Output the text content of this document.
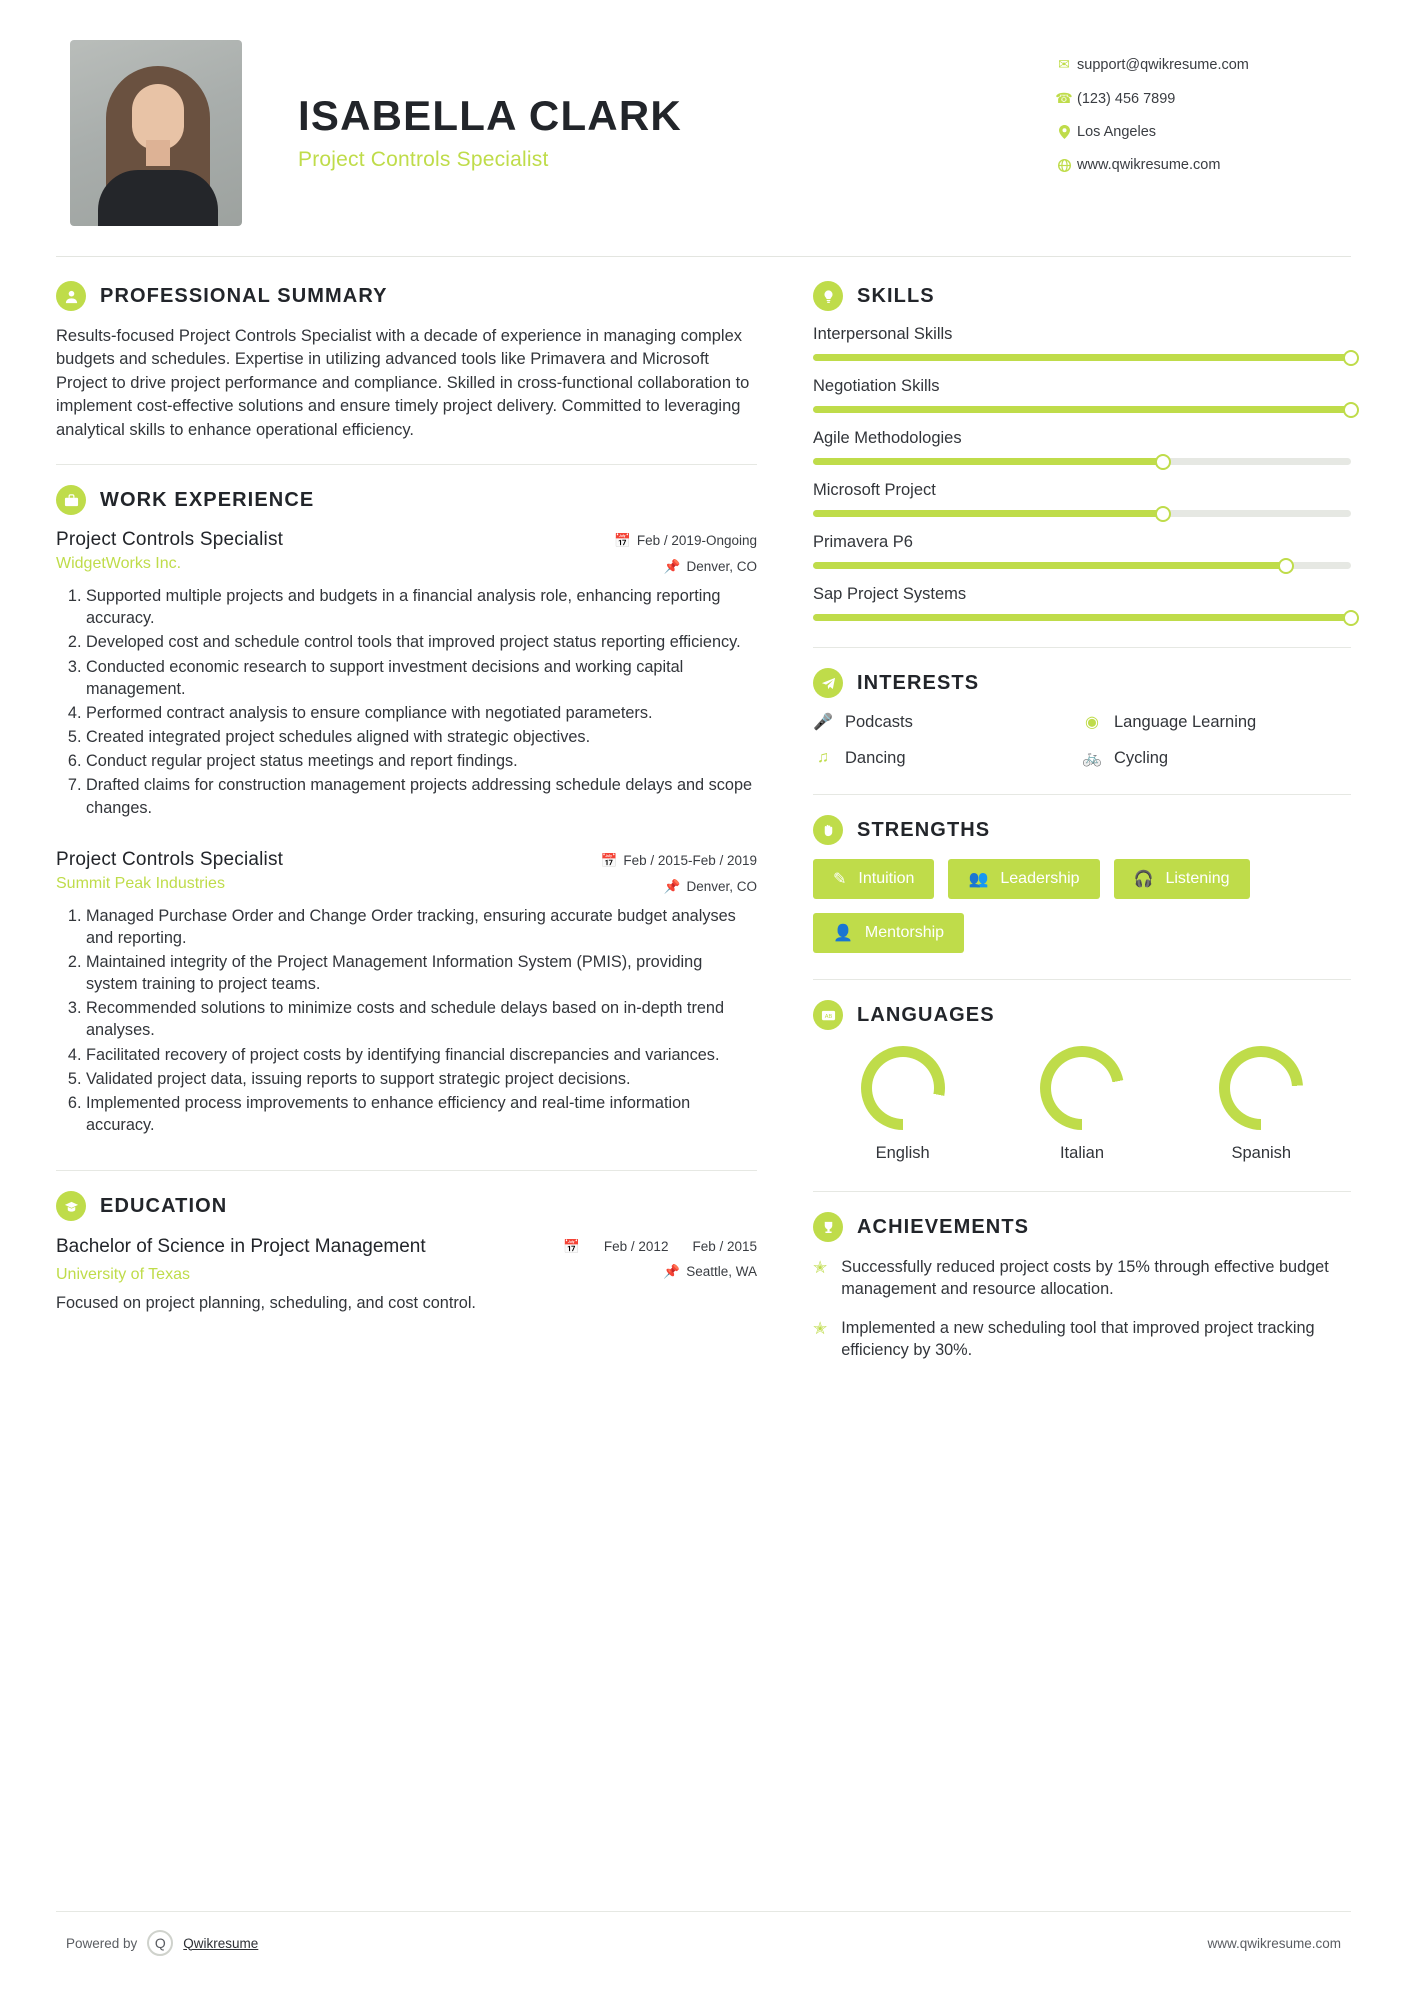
ISABELLA CLARK
Project Controls Specialist
✉ support@qwikresume.com
☎ (123) 456 7899
Los Angeles
www.qwikresume.com
PROFESSIONAL SUMMARY
Results-focused Project Controls Specialist with a decade of experience in managing complex budgets and schedules. Expertise in utilizing advanced tools like Primavera and Microsoft Project to drive project performance and compliance. Skilled in cross-functional collaboration to implement cost-effective solutions and ensure timely project delivery. Committed to leveraging analytical skills to enhance operational efficiency.
WORK EXPERIENCE
Project Controls Specialist	📅 Feb / 2019-Ongoing
WidgetWorks Inc.	📌 Denver, CO
1. Supported multiple projects and budgets in a financial analysis role, enhancing reporting accuracy.
2. Developed cost and schedule control tools that improved project status reporting efficiency.
3. Conducted economic research to support investment decisions and working capital management.
4. Performed contract analysis to ensure compliance with negotiated parameters.
5. Created integrated project schedules aligned with strategic objectives.
6. Conduct regular project status meetings and report findings.
7. Drafted claims for construction management projects addressing schedule delays and scope changes.
Project Controls Specialist	📅 Feb / 2015-Feb / 2019
Summit Peak Industries	📌 Denver, CO
1. Managed Purchase Order and Change Order tracking, ensuring accurate budget analyses and reporting.
2. Maintained integrity of the Project Management Information System (PMIS), providing system training to project teams.
3. Recommended solutions to minimize costs and schedule delays based on in-depth trend analyses.
4. Facilitated recovery of project costs by identifying financial discrepancies and variances.
5. Validated project data, issuing reports to support strategic project decisions.
6. Implemented process improvements to enhance efficiency and real-time information accuracy.
EDUCATION
Bachelor of Science in Project Management	📅 Feb / 2012 Feb / 2015
University of Texas	📌 Seattle, WA
Focused on project planning, scheduling, and cost control.
SKILLS
Interpersonal Skills
Negotiation Skills
Agile Methodologies
Microsoft Project
Primavera P6
Sap Project Systems
INTERESTS
🎤 Podcasts	◉ Language Learning
♫ Dancing	🚲 Cycling
STRENGTHS
✎ Intuition	👥 Leadership	🎧 Listening
👤 Mentorship
AB LANGUAGES
English	Italian	Spanish
ACHIEVEMENTS
✭ Successfully reduced project costs by 15% through effective budget management and resource allocation.
✭ Implemented a new scheduling tool that improved project tracking efficiency by 30%.
Powered by	Q	Qwikresume	www.qwikresume.com
